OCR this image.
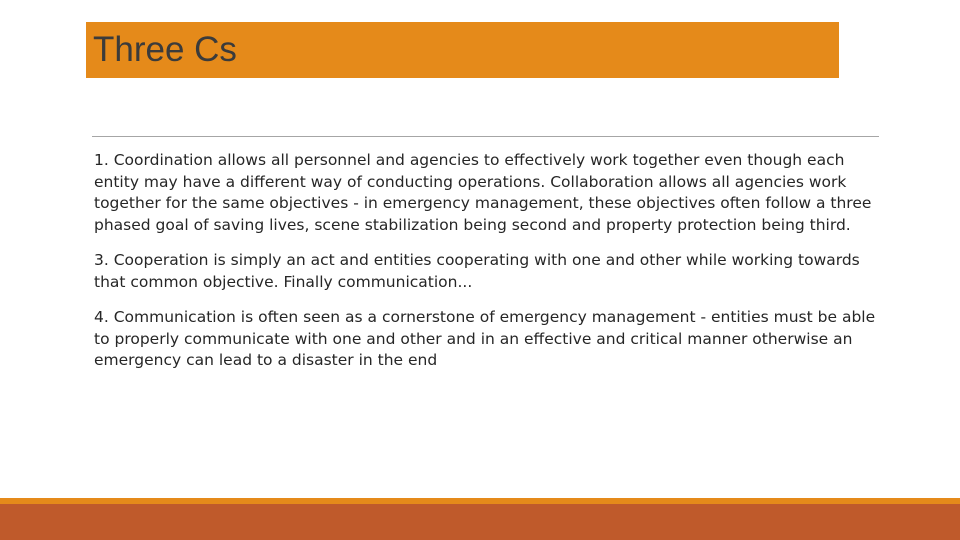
Three Cs

1. Coordination allows all personnel and agencies to effectively work together even though each entity may have a different way of conducting operations. Collaboration allows all agencies work together for the same objectives - in emergency management, these objectives often follow a three phased goal of saving lives, scene stabilization being second and property protection being third.

3. Cooperation is simply an act and entities cooperating with one and other while working towards that common objective. Finally communication...

4. Communication is often seen as a cornerstone of emergency management - entities must be able to properly communicate with one and other and in an effective and critical manner otherwise an emergency can lead to a disaster in the end
